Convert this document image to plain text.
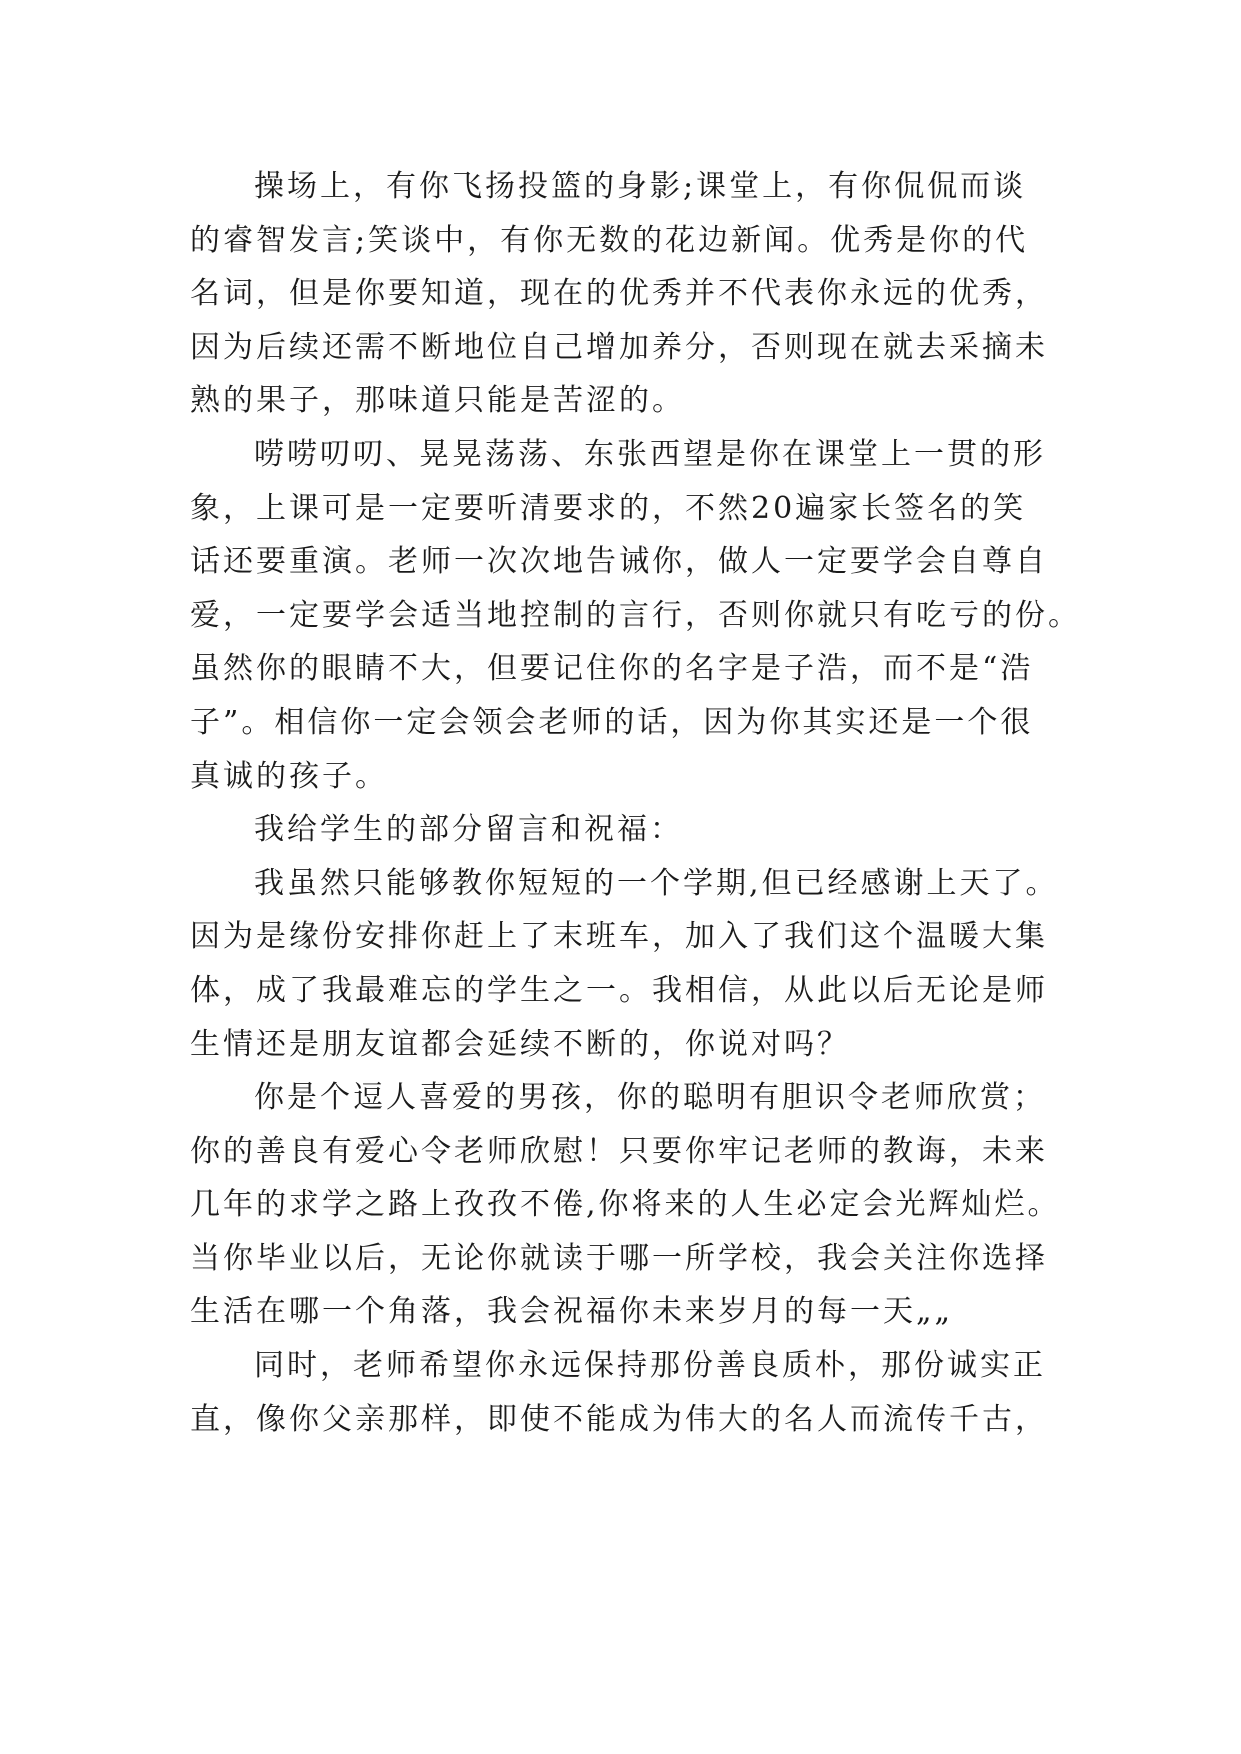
操场上，有你飞扬投篮的身影;课堂上，有你侃侃而谈
的睿智发言;笑谈中，有你无数的花边新闻。优秀是你的代
名词，但是你要知道，现在的优秀并不代表你永远的优秀，
因为后续还需不断地位自己增加养分，否则现在就去采摘未
熟的果子，那味道只能是苦涩的。
唠唠叨叨、晃晃荡荡、东张西望是你在课堂上一贯的形
象，上课可是一定要听清要求的，不然20遍家长签名的笑
话还要重演。老师一次次地告诫你，做人一定要学会自尊自
爱，一定要学会适当地控制的言行，否则你就只有吃亏的份。
虽然你的眼睛不大，但要记住你的名字是子浩，而不是“浩
子”。相信你一定会领会老师的话，因为你其实还是一个很
真诚的孩子。
我给学生的部分留言和祝福：
我虽然只能够教你短短的一个学期,但已经感谢上天了。
因为是缘份安排你赶上了末班车，加入了我们这个温暖大集
体，成了我最难忘的学生之一。我相信，从此以后无论是师
生情还是朋友谊都会延续不断的，你说对吗？
你是个逗人喜爱的男孩，你的聪明有胆识令老师欣赏；
你的善良有爱心令老师欣慰！只要你牢记老师的教诲，未来
几年的求学之路上孜孜不倦,你将来的人生必定会光辉灿烂。
当你毕业以后，无论你就读于哪一所学校，我会关注你选择
生活在哪一个角落，我会祝福你未来岁月的每一天„„
同时，老师希望你永远保持那份善良质朴，那份诚实正
直，像你父亲那样，即使不能成为伟大的名人而流传千古，
